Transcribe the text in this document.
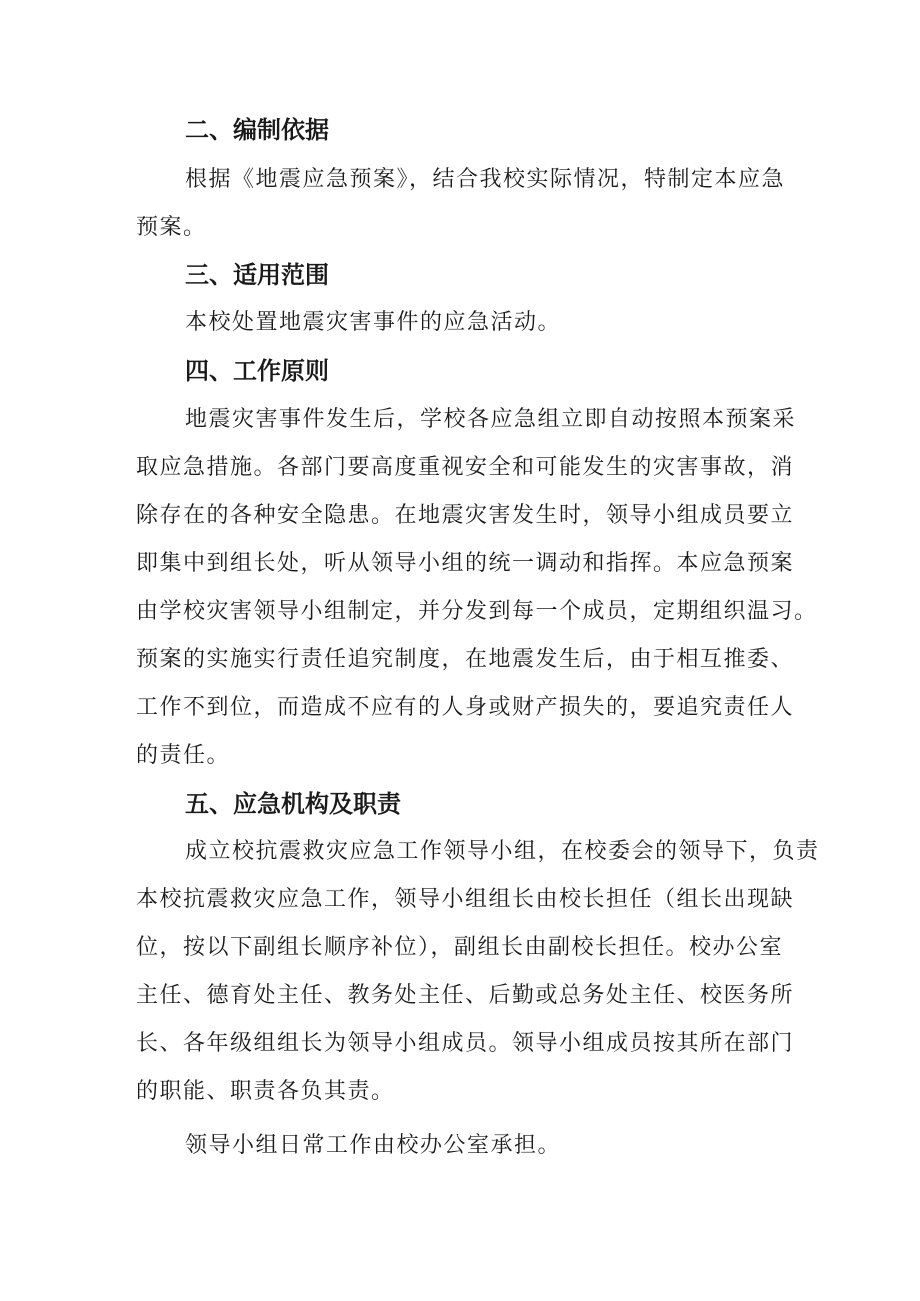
二、编制依据
根据《地震应急预案》，结合我校实际情况，特制定本应急
预案。
三、适用范围
本校处置地震灾害事件的应急活动。
四、工作原则
地震灾害事件发生后，学校各应急组立即自动按照本预案采
取应急措施。各部门要高度重视安全和可能发生的灾害事故，消
除存在的各种安全隐患。在地震灾害发生时，领导小组成员要立
即集中到组长处，听从领导小组的统一调动和指挥。本应急预案
由学校灾害领导小组制定，并分发到每一个成员，定期组织温习。
预案的实施实行责任追究制度，在地震发生后，由于相互推委、
工作不到位，而造成不应有的人身或财产损失的，要追究责任人
的责任。
五、应急机构及职责
成立校抗震救灾应急工作领导小组，在校委会的领导下，负责
本校抗震救灾应急工作，领导小组组长由校长担任（组长出现缺
位，按以下副组长顺序补位），副组长由副校长担任。校办公室
主任、德育处主任、教务处主任、后勤或总务处主任、校医务所
长、各年级组组长为领导小组成员。领导小组成员按其所在部门
的职能、职责各负其责。
领导小组日常工作由校办公室承担。
